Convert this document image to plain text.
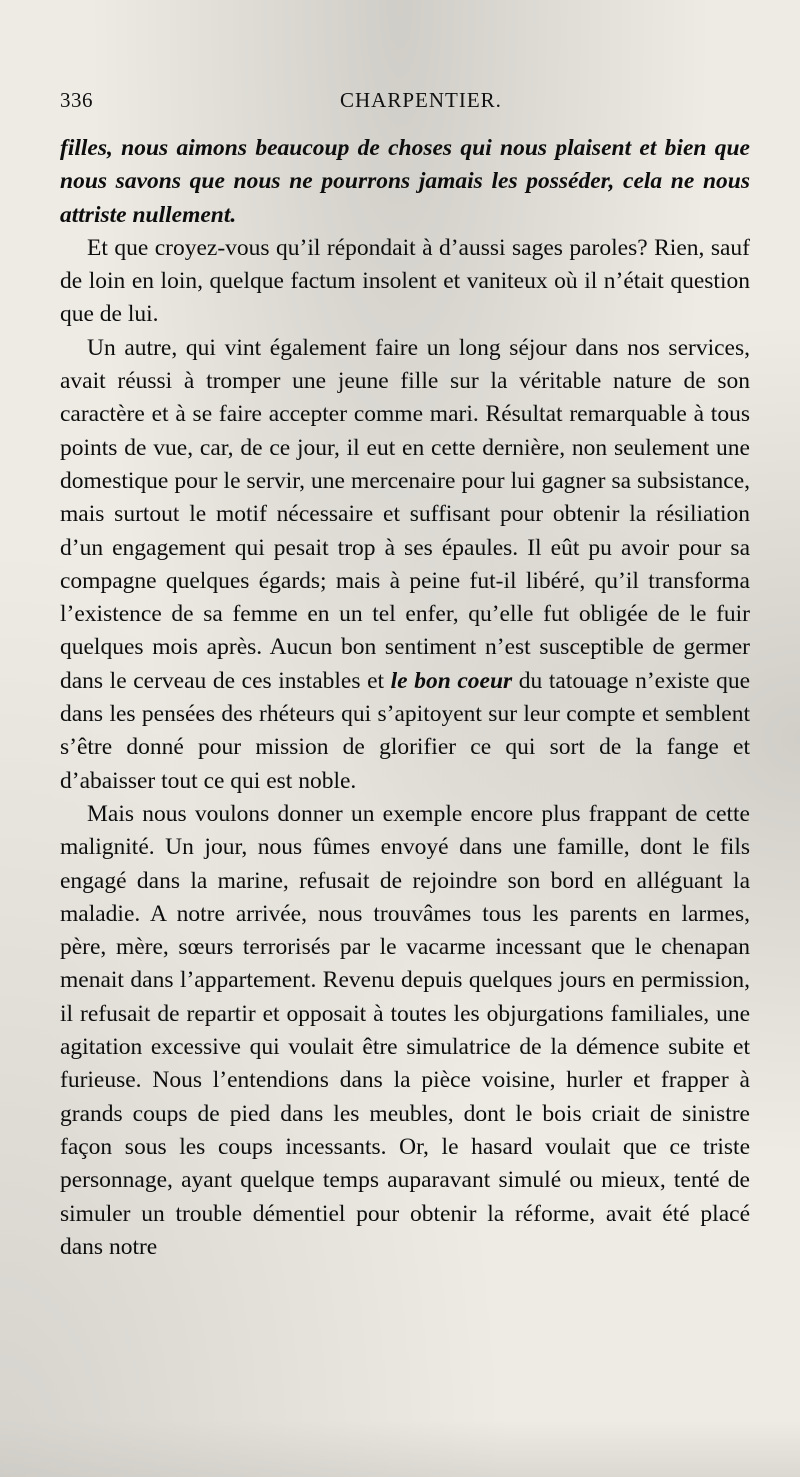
336	CHARPENTIER.

filles, nous aimons beaucoup de choses qui nous plaisent et bien que nous savons que nous ne pourrons jamais les posséder, cela ne nous attriste nullement.

Et que croyez-vous qu’il répondait à d’aussi sages paroles? Rien, sauf de loin en loin, quelque factum insolent et vaniteux où il n’était question que de lui.

Un autre, qui vint également faire un long séjour dans nos services, avait réussi à tromper une jeune fille sur la véritable nature de son caractère et à se faire accepter comme mari. Résultat remarquable à tous points de vue, car, de ce jour, il eut en cette dernière, non seulement une domestique pour le servir, une mercenaire pour lui gagner sa subsistance, mais surtout le motif nécessaire et suffisant pour obtenir la résiliation d’un engagement qui pesait trop à ses épaules. Il eût pu avoir pour sa compagne quelques égards; mais à peine fut-il libéré, qu’il transforma l’existence de sa femme en un tel enfer, qu’elle fut obligée de le fuir quelques mois après. Aucun bon sentiment n’est susceptible de germer dans le cerveau de ces instables et le bon coeur du tatouage n’existe que dans les pensées des rhéteurs qui s’apitoyent sur leur compte et semblent s’être donné pour mission de glorifier ce qui sort de la fange et d’abaisser tout ce qui est noble.

Mais nous voulons donner un exemple encore plus frappant de cette malignité. Un jour, nous fûmes envoyé dans une famille, dont le fils engagé dans la marine, refusait de rejoindre son bord en alléguant la maladie. A notre arrivée, nous trouvâmes tous les parents en larmes, père, mère, sœurs terrorisés par le vacarme incessant que le chenapan menait dans l’appartement. Revenu depuis quelques jours en permission, il refusait de repartir et opposait à toutes les objurgations familiales, une agitation excessive qui voulait être simulatrice de la démence subite et furieuse. Nous l’entendions dans la pièce voisine, hurler et frapper à grands coups de pied dans les meubles, dont le bois criait de sinistre façon sous les coups incessants. Or, le hasard voulait que ce triste personnage, ayant quelque temps auparavant simulé ou mieux, tenté de simuler un trouble démentiel pour obtenir la réforme, avait été placé dans notre
